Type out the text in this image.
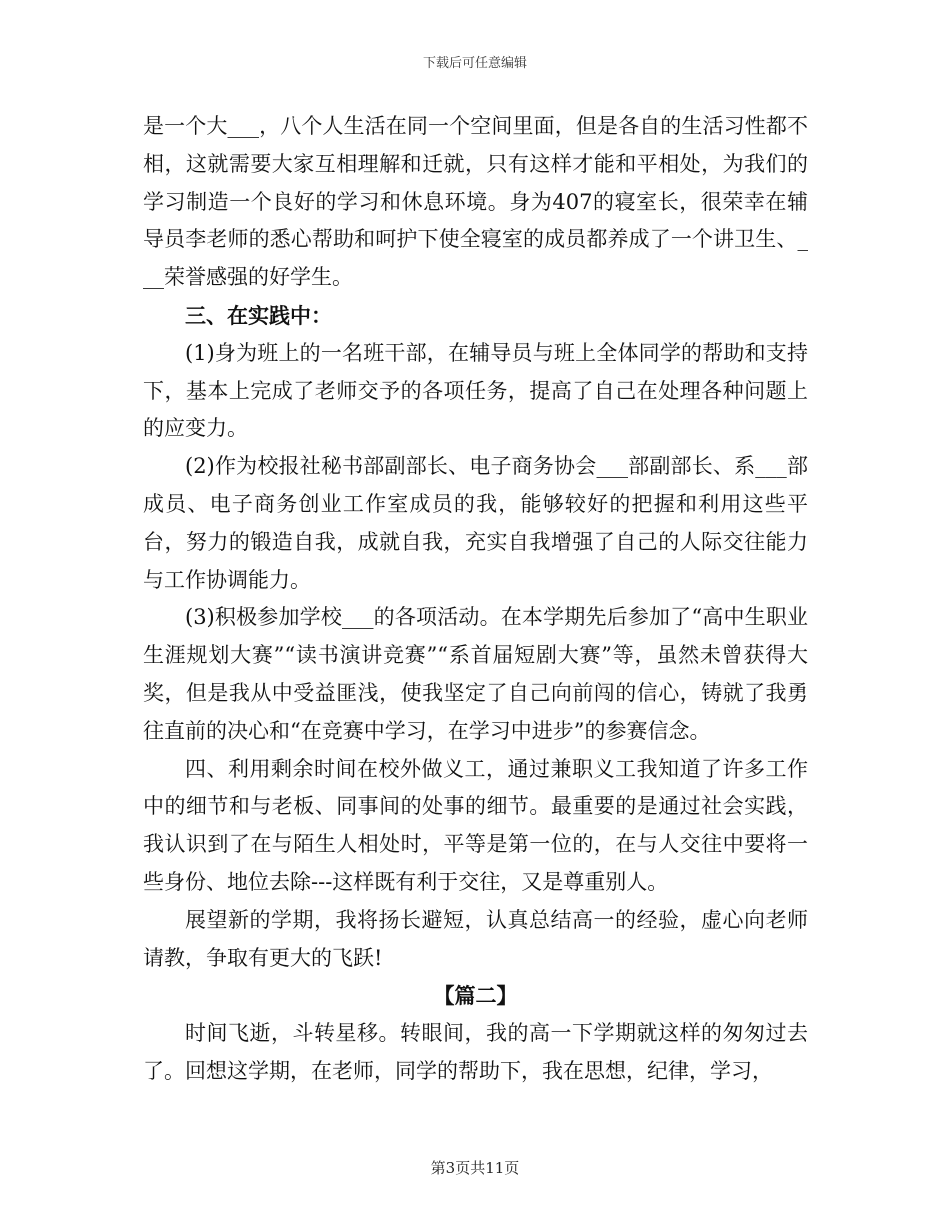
下载后可任意编辑

是一个大___，八个人生活在同一个空间里面，但是各自的生活习性都不相，这就需要大家互相理解和迁就，只有这样才能和平相处，为我们的学习制造一个良好的学习和休息环境。身为407的寝室长，很荣幸在辅导员李老师的悉心帮助和呵护下使全寝室的成员都养成了一个讲卫生、___荣誉感强的好学生。

三、在实践中：

(1)身为班上的一名班干部，在辅导员与班上全体同学的帮助和支持下，基本上完成了老师交予的各项任务，提高了自己在处理各种问题上的应变力。

(2)作为校报社秘书部副部长、电子商务协会___部副部长、系___部成员、电子商务创业工作室成员的我，能够较好的把握和利用这些平台，努力的锻造自我，成就自我，充实自我增强了自己的人际交往能力与工作协调能力。

(3)积极参加学校___的各项活动。在本学期先后参加了“高中生职业生涯规划大赛”“读书演讲竞赛”“系首届短剧大赛”等，虽然未曾获得大奖，但是我从中受益匪浅，使我坚定了自己向前闯的信心，铸就了我勇往直前的决心和“在竞赛中学习，在学习中进步”的参赛信念。

四、利用剩余时间在校外做义工，通过兼职义工我知道了许多工作中的细节和与老板、同事间的处事的细节。最重要的是通过社会实践，我认识到了在与陌生人相处时，平等是第一位的，在与人交往中要将一些身份、地位去除---这样既有利于交往，又是尊重别人。

展望新的学期，我将扬长避短，认真总结高一的经验，虚心向老师请教，争取有更大的飞跃!

【篇二】

时间飞逝，斗转星移。转眼间，我的高一下学期就这样的匆匆过去了。回想这学期，在老师，同学的帮助下，我在思想，纪律，学习，

第3页共11页
